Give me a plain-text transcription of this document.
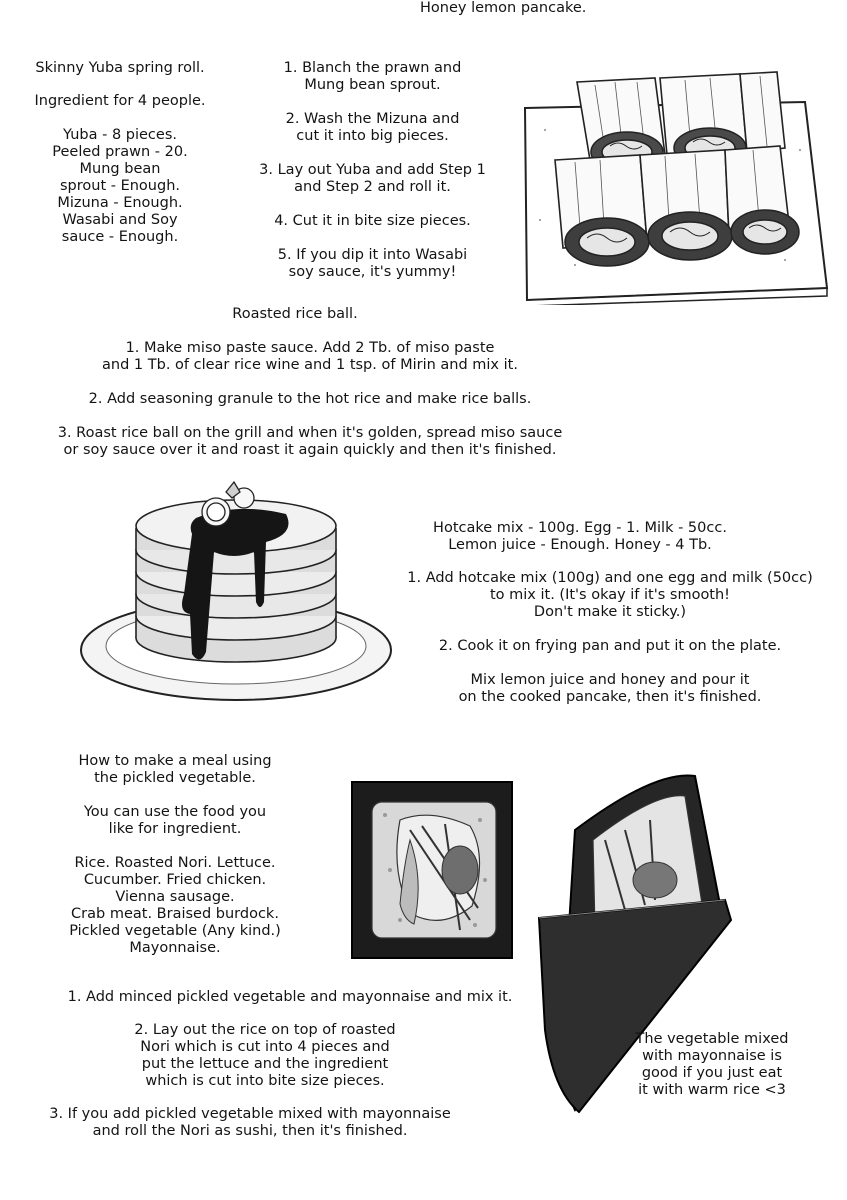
Skinny Yuba spring roll.

Ingredient for 4 people.

Yuba - 8 pieces.

Peeled prawn - 20.

Mung bean

sprout - Enough.

Mizuna - Enough.

Wasabi and Soy

sauce - Enough.

1. Blanch the prawn and

Mung bean sprout.

2. Wash the Mizuna and

cut it into big pieces.

3. Lay out Yuba and add Step 1

and Step 2 and roll it.

4. Cut it in bite size pieces.

5. If you dip it into Wasabi

soy sauce, it's yummy!

Roasted rice ball.

1. Make miso paste sauce. Add 2 Tb. of miso paste

and 1 Tb. of clear rice wine and 1 tsp. of Mirin and mix it.

2. Add seasoning granule to the hot rice and make rice balls.

3. Roast rice ball on the grill and when it's golden, spread miso sauce

or soy sauce over it and roast it again quickly and then it's finished.

Honey lemon pancake.

Hotcake mix - 100g. Egg - 1. Milk - 50cc.

Lemon juice - Enough. Honey - 4 Tb.

1. Add hotcake mix (100g) and one egg and milk (50cc)

to mix it. (It's okay if it's smooth!

Don't make it sticky.)

2. Cook it on frying pan and put it on the plate.

Mix lemon juice and honey and pour it

on the cooked pancake, then it's finished.

How to make a meal using

the pickled vegetable.

You can use the food you

like for ingredient.

Rice. Roasted Nori. Lettuce.

Cucumber. Fried chicken.

Vienna sausage.

Crab meat. Braised burdock.

Pickled vegetable (Any kind.)

Mayonnaise.

1. Add minced pickled vegetable and mayonnaise and mix it.

2. Lay out the rice on top of roasted

Nori which is cut into 4 pieces and

put the lettuce and the ingredient

which is cut into bite size pieces.

3. If you add pickled vegetable mixed with mayonnaise

and roll the Nori as sushi, then it's finished.

The vegetable mixed

with mayonnaise is

good if you just eat

it with warm rice <3
